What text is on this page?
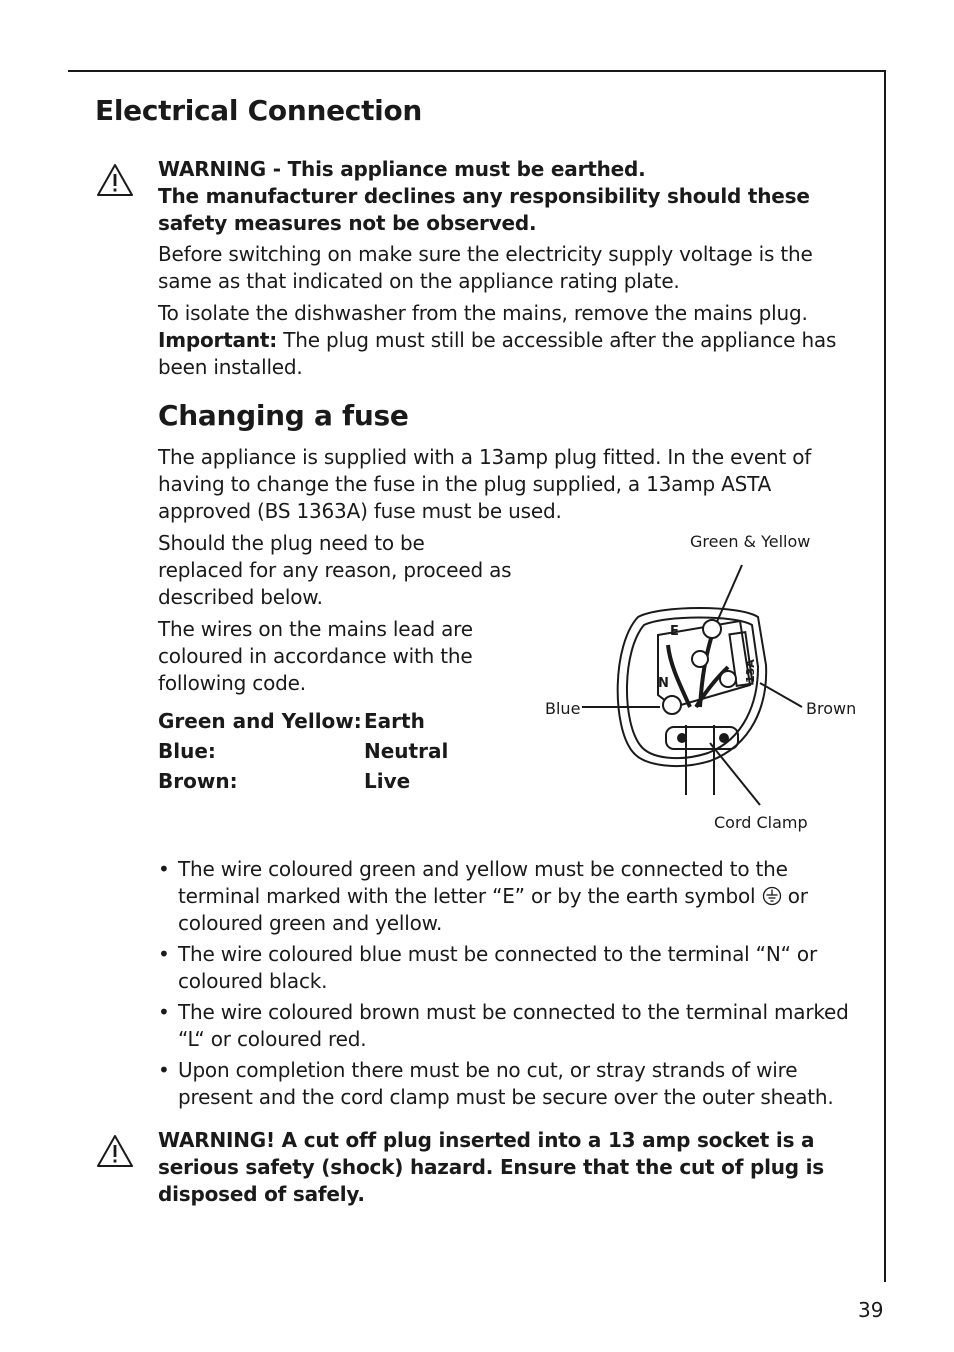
Electrical Connection

WARNING - This appliance must be earthed.

The manufacturer declines any responsibility should these safety measures not be observed.

Before switching on make sure the electricity supply voltage is the same as that indicated on the appliance rating plate.

To isolate the dishwasher from the mains, remove the mains plug.

Important: The plug must still be accessible after the appliance has been installed.

Changing a fuse
The appliance is supplied with a 13amp plug fitted. In the event of having to change the fuse in the plug supplied, a 13amp ASTA approved (BS 1363A) fuse must be used.
Should the plug need to be replaced for any reason, proceed as described below.
The wires on the mains lead are coloured in accordance with the following code.
Green and Yellow:	Earth
Blue:	Neutral
Brown:	Live
Green & Yellow
Blue	Brown
Cord Clamp
E
N
13A
• The wire coloured green and yellow must be connected to the terminal marked with the letter “E” or by the earth symbol  or coloured green and yellow.
• The wire coloured blue must be connected to the terminal “N“ or coloured black.
• The wire coloured brown must be connected to the terminal marked “L“ or coloured red.
• Upon completion there must be no cut, or stray strands of wire present and the cord clamp must be secure over the outer sheath.
WARNING! A cut off plug inserted into a 13 amp socket is a serious safety (shock) hazard. Ensure that the cut of plug is disposed of safely.
39
